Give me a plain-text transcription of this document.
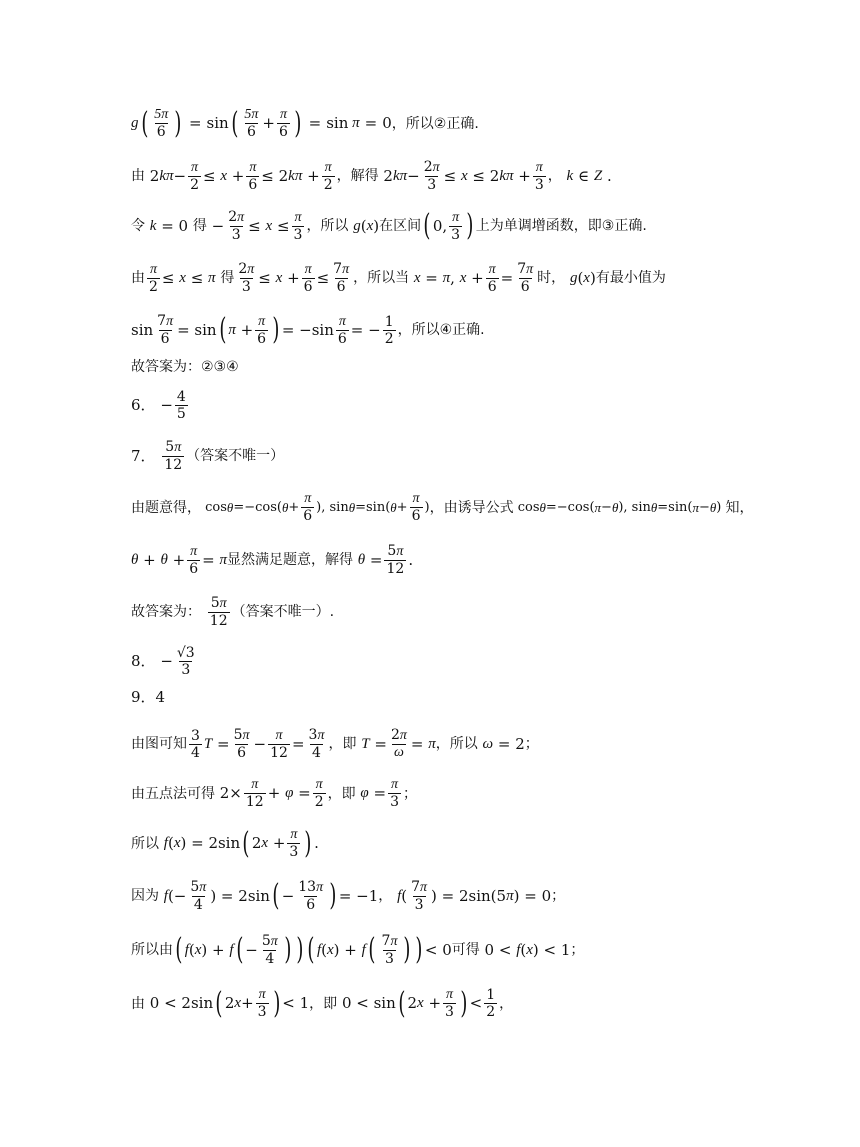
g ( $\frac{5\pi}{6}$ ) = sin ( $\frac{5\pi}{6} + \frac{\pi}{6}$ ) = sin π = 0 ，所以②正确.
由 2 $k\pi - \frac{\pi}{2} \le x + \frac{\pi}{6} \le 2$ $k\pi + \frac{\pi}{2}$ ，解得 2 $k\pi - \frac{2\pi}{3} \le x \le 2$ $k\pi + \frac{\pi}{3}$ ，
k ∈ Z .
令
k = 0 得 − $\frac{2\pi}{3} \le x \le \frac{\pi}{3}$ ，所以
g ( x ) 在区间 ( 0, $\frac{\pi}{3}$ ) 上为单调增函数，即③正确.
由 $\frac{\pi}{2} \le x \le \pi$
得 $\frac{2\pi}{3} \le x + \frac{\pi}{6} \le \frac{7\pi}{6}$ ，所以当
x = π , $x + \frac{\pi}{6} = \frac{7\pi}{6}$ 时，
g ( x ) 有最小值为
$\sin \frac{7\pi}{6} = \sin$ ( $\pi + \frac{\pi}{6}$ ) = $-\sin \frac{\pi}{6}$ = − $\frac{1}{2}$ ，所以④正确.
故答案为：②③④
6． − $\frac{4}{5}$
7．
$\frac{5\pi}{12}$ （答案不唯一）
由题意得， cos θ =−cos( $\theta + \frac{\pi}{6}$ ), sin θ =sin( $\theta + \frac{\pi}{6}$ ) ，由诱导公式 cos θ =−cos( π − θ ), sin θ =sin( π − θ ) 知，
$\theta + \theta + \frac{\pi}{6} = \pi$ 显然满足题意，解得
$\theta = \frac{5\pi}{12}$ .
故答案为：
$\frac{5\pi}{12}$ （答案不唯一）.
8． − $\frac{√3}{3}$
9．4
由图可知 $\frac{3}{4}$ $T = \frac{5\pi}{6} - \frac{\pi}{12} = \frac{3\pi}{4}$ ，即
$T = \frac{2\pi}{\omega} = \pi$ ，所以
ω = 2 ；
由五点法可得 $2\times \frac{\pi}{12} + \varphi = \frac{\pi}{2}$ ，即
$\varphi = \frac{\pi}{3}$ ；
所以
f ( x ) = 2sin ( 2 $x + \frac{\pi}{3}$ ) .
因为
f (− $\frac{5\pi}{4}$ ) = 2sin ( − $\frac{13\pi}{6}$ ) = −1 ，
f ( $\frac{7\pi}{3}$ ) = 2sin(5 π ) = 0 ；
所以由 ( f ( x ) + f ( − $\frac{5\pi}{4}$ ) ) ( f ( x ) + f ( $\frac{7\pi}{3}$ ) ) < 0 可得 0 < f ( x ) < 1 ；
由 0 < 2sin ( 2 $x + \frac{\pi}{3}$ ) < 1 ，即 0 < sin ( 2 $x + \frac{\pi}{3}$ ) < $\frac{1}{2}$ ，
